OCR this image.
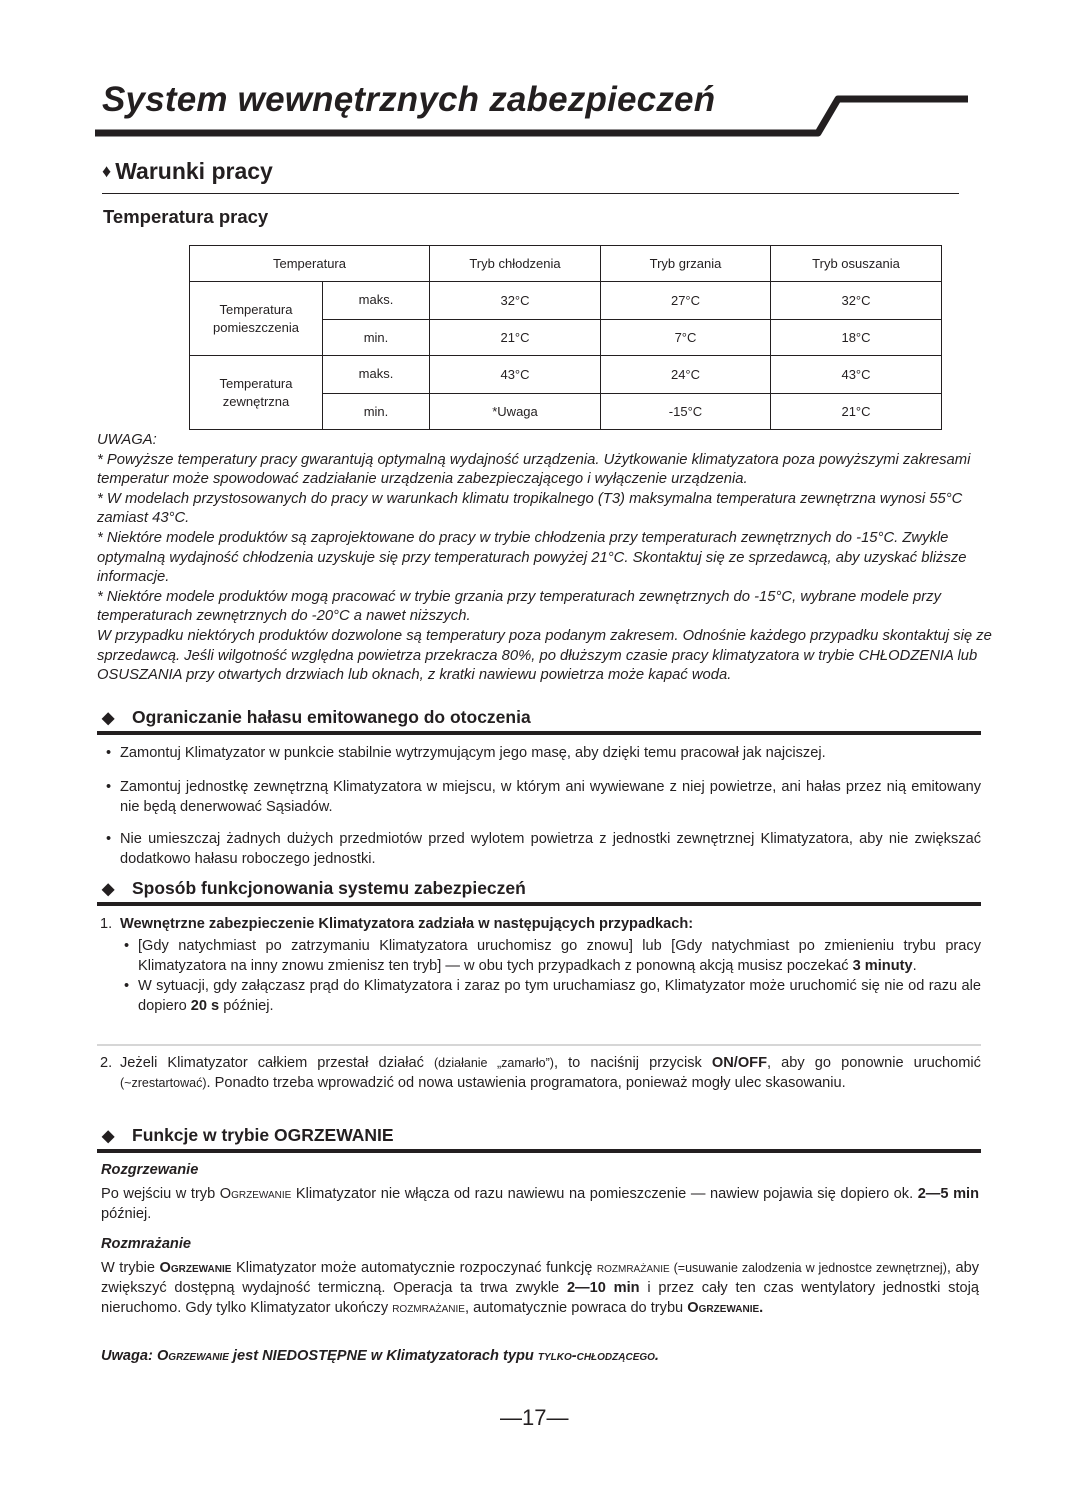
System wewnętrznych zabezpieczeń
♦ Warunki pracy
Temperatura pracy
Temperatura		Tryb chłodzenia	Tryb grzania	Tryb osuszania
Temperatura
pomieszczenia	maks.	32°C	27°C	32°C
	min.	21°C	7°C	18°C
Temperatura
zewnętrzna	maks.	43°C	24°C	43°C
	min.	*Uwaga	-15°C	21°C

UWAGA:

* Powyższe temperatury pracy gwarantują optymalną wydajność urządzenia. Użytkowanie klimatyzatora poza powyższymi zakresami temperatur może spowodować zadziałanie urządzenia zabezpieczającego i wyłączenie urządzenia.

* W modelach przystosowanych do pracy w warunkach klimatu tropikalnego (T3) maksymalna temperatura zewnętrzna wynosi 55°C zamiast 43°C.

* Niektóre modele produktów są zaprojektowane do pracy w trybie chłodzenia przy temperaturach zewnętrznych do -15°C. Zwykle optymalną wydajność chłodzenia uzyskuje się przy temperaturach powyżej 21°C. Skontaktuj się ze sprzedawcą, aby uzyskać bliższe informacje.

* Niektóre modele produktów mogą pracować w trybie grzania przy temperaturach zewnętrznych do -15°C, wybrane modele przy temperaturach zewnętrznych do -20°C a nawet niższych.

W przypadku niektórych produktów dozwolone są temperatury poza podanym zakresem. Odnośnie każdego przypadku skontaktuj się ze sprzedawcą. Jeśli wilgotność względna powietrza przekracza 80%, po dłuższym czasie pracy klimatyzatora w trybie CHŁODZENIA lub OSUSZANIA przy otwartych drzwiach lub oknach, z kratki nawiewu powietrza może kapać woda.

◆ Ograniczanie hałasu emitowanego do otoczenia
• Zamontuj Klimatyzator w punkcie stabilnie wytrzymującym jego masę, aby dzięki temu pracował jak najciszej.
• Zamontuj jednostkę zewnętrzną Klimatyzatora w miejscu, w którym ani wywiewane z niej powietrze, ani hałas przez nią emitowany nie będą denerwować Sąsiadów.
• Nie umieszczaj żadnych dużych przedmiotów przed wylotem powietrza z jednostki zewnętrznej Klimatyzatora, aby nie zwiększać dodatkowo hałasu roboczego jednostki.
◆ Sposób funkcjonowania systemu zabezpieczeń
1. Wewnętrzne zabezpieczenie Klimatyzatora zadziała w następujących przypadkach:
• [Gdy natychmiast po zatrzymaniu Klimatyzatora uruchomisz go znowu] lub [Gdy natychmiast po zmienieniu trybu pracy Klimatyzatora na inny znowu zmienisz ten tryb] — w obu tych przypadkach z ponowną akcją musisz poczekać 3 minuty.
• W sytuacji, gdy załączasz prąd do Klimatyzatora i zaraz po tym uruchamiasz go, Klimatyzator może uruchomić się nie od razu ale dopiero 20 s później.
2. Jeżeli Klimatyzator całkiem przestał działać (działanie „zamarło”), to naciśnij przycisk ON/OFF, aby go ponownie uruchomić (~zrestartować). Ponadto trzeba wprowadzić od nowa ustawienia programatora, ponieważ mogły ulec skasowaniu.
◆ Funkcje w trybie OGRZEWANIE
Rozgrzewanie
Po wejściu w tryb Ogrzewanie Klimatyzator nie włącza od razu nawiewu na pomieszczenie — nawiew pojawia się dopiero ok. 2—5 min później.
Rozmrażanie
W trybie Ogrzewanie Klimatyzator może automatycznie rozpoczynać funkcję rozmrażanie (=usuwanie zalodzenia w jednostce zewnętrznej), aby zwiększyć dostępną wydajność termiczną. Operacja ta trwa zwykle 2—10 min i przez cały ten czas wentylatory jednostki stoją nieruchomo. Gdy tylko Klimatyzator ukończy rozmrażanie, automatycznie powraca do trybu Ogrzewanie.
Uwaga: Ogrzewanie jest NIEDOSTĘPNE w Klimatyzatorach typu tylko-chłodzącego.
—17—
